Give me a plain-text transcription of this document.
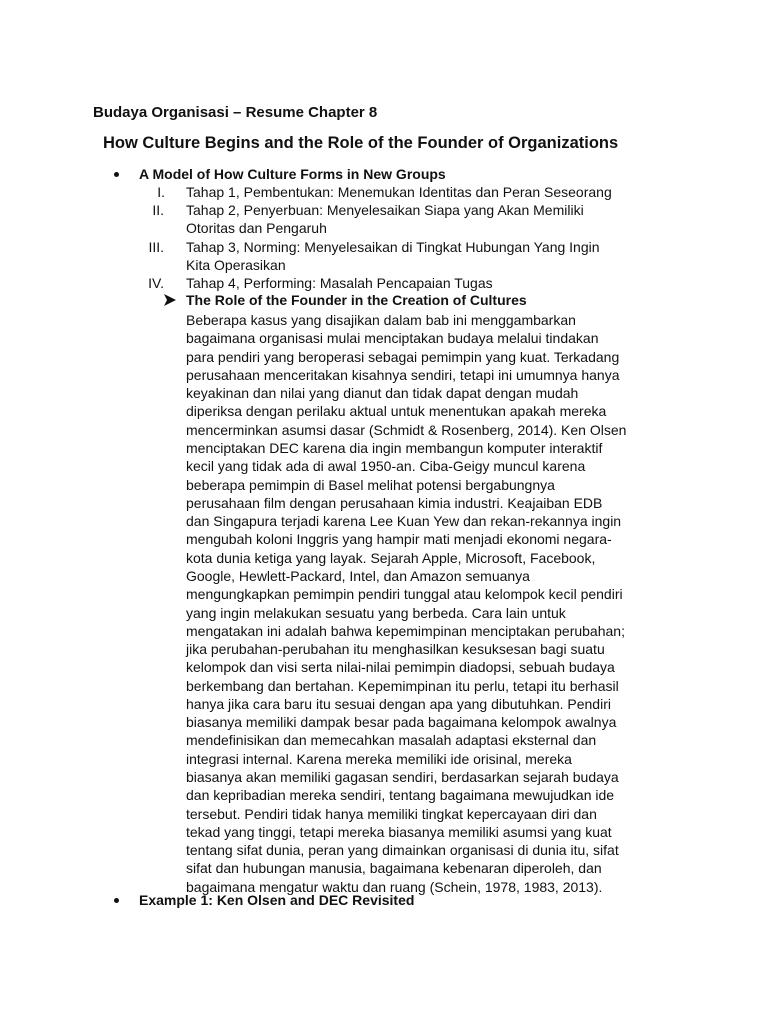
Budaya Organisasi – Resume Chapter 8
How Culture Begins and the Role of the Founder of Organizations
A Model of How Culture Forms in New Groups
I. Tahap 1, Pembentukan: Menemukan Identitas dan Peran Seseorang
II. Tahap 2, Penyerbuan: Menyelesaikan Siapa yang Akan Memiliki
Otoritas dan Pengaruh
III. Tahap 3, Norming: Menyelesaikan di Tingkat Hubungan Yang Ingin
Kita Operasikan
IV. Tahap 4, Performing: Masalah Pencapaian Tugas
The Role of the Founder in the Creation of Cultures
Beberapa kasus yang disajikan dalam bab ini menggambarkan
bagaimana organisasi mulai menciptakan budaya melalui tindakan
para pendiri yang beroperasi sebagai pemimpin yang kuat. Terkadang
perusahaan menceritakan kisahnya sendiri, tetapi ini umumnya hanya
keyakinan dan nilai yang dianut dan tidak dapat dengan mudah
diperiksa dengan perilaku aktual untuk menentukan apakah mereka
mencerminkan asumsi dasar (Schmidt & Rosenberg, 2014). Ken Olsen
menciptakan DEC karena dia ingin membangun komputer interaktif
kecil yang tidak ada di awal 1950-an. Ciba-Geigy muncul karena
beberapa pemimpin di Basel melihat potensi bergabungnya
perusahaan film dengan perusahaan kimia industri. Keajaiban EDB
dan Singapura terjadi karena Lee Kuan Yew dan rekan-rekannya ingin
mengubah koloni Inggris yang hampir mati menjadi ekonomi negara-
kota dunia ketiga yang layak. Sejarah Apple, Microsoft, Facebook,
Google, Hewlett-Packard, Intel, dan Amazon semuanya
mengungkapkan pemimpin pendiri tunggal atau kelompok kecil pendiri
yang ingin melakukan sesuatu yang berbeda. Cara lain untuk
mengatakan ini adalah bahwa kepemimpinan menciptakan perubahan;
jika perubahan-perubahan itu menghasilkan kesuksesan bagi suatu
kelompok dan visi serta nilai-nilai pemimpin diadopsi, sebuah budaya
berkembang dan bertahan. Kepemimpinan itu perlu, tetapi itu berhasil
hanya jika cara baru itu sesuai dengan apa yang dibutuhkan. Pendiri
biasanya memiliki dampak besar pada bagaimana kelompok awalnya
mendefinisikan dan memecahkan masalah adaptasi eksternal dan
integrasi internal. Karena mereka memiliki ide orisinal, mereka
biasanya akan memiliki gagasan sendiri, berdasarkan sejarah budaya
dan kepribadian mereka sendiri, tentang bagaimana mewujudkan ide
tersebut. Pendiri tidak hanya memiliki tingkat kepercayaan diri dan
tekad yang tinggi, tetapi mereka biasanya memiliki asumsi yang kuat
tentang sifat dunia, peran yang dimainkan organisasi di dunia itu, sifat
sifat dan hubungan manusia, bagaimana kebenaran diperoleh, dan
bagaimana mengatur waktu dan ruang (Schein, 1978, 1983, 2013).
Example 1: Ken Olsen and DEC Revisited
